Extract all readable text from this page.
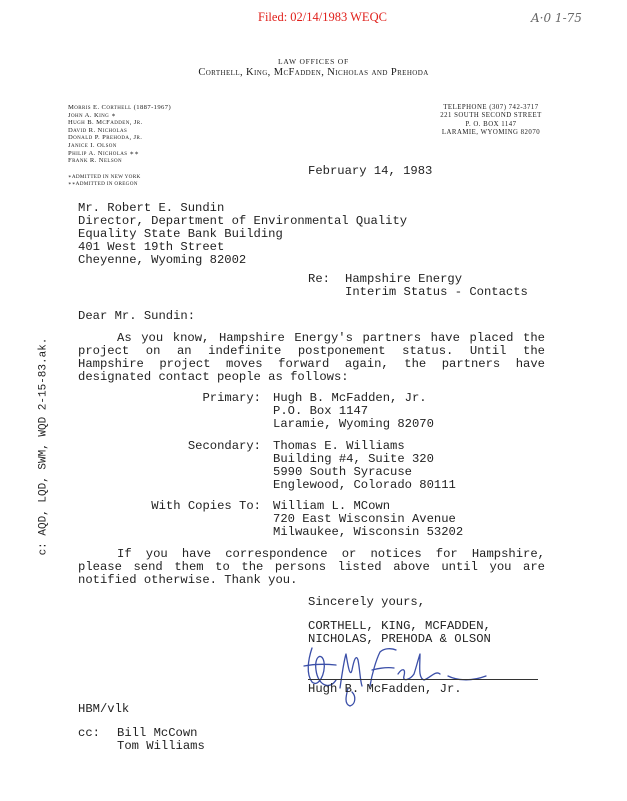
Filed: 02/14/1983 WEQC	A·0 1-75
LAW OFFICES OF
Corthell, King, McFadden, Nicholas and Prehoda
Morris E. Corthell (1887-1967)
John A. King ∗
Hugh B. McFadden, Jr.
David R. Nicholas
Donald P. Prehoda, Jr.
Janice I. Olson
Philip A. Nicholas ∗∗
Frank R. Nelson
∗ADMITTED IN NEW YORK
∗∗ADMITTED IN OREGON
TELEPHONE (307) 742-3717
221 SOUTH SECOND STREET
P. O. BOX 1147
LARAMIE, WYOMING 82070
February 14, 1983
Mr. Robert E. Sundin
Director, Department of Environmental Quality
Equality State Bank Building
401 West 19th Street
Cheyenne, Wyoming 82002
Re: Hampshire Energy
Interim Status - Contacts
Dear Mr. Sundin:
As you know, Hampshire Energy's partners have placed the project on an indefinite postponement status. Until the Hampshire project moves forward again, the partners have designated contact people as follows:
Primary: Hugh B. McFadden, Jr.
P.O. Box 1147
Laramie, Wyoming 82070
Secondary: Thomas E. Williams
Building #4, Suite 320
5990 South Syracuse
Englewood, Colorado 80111
With Copies To: William L. MCown
720 East Wisconsin Avenue
Milwaukee, Wisconsin 53202
If you have correspondence or notices for Hampshire, please send them to the persons listed above until you are notified otherwise. Thank you.
Sincerely yours,
CORTHELL, KING, MCFADDEN,
NICHOLAS, PREHODA & OLSON
Hugh B. McFadden, Jr.
HBM/vlk
cc: Bill McCown
Tom Williams
c: AQD, LQD, SWM, WQD 2-15-83.ak.
